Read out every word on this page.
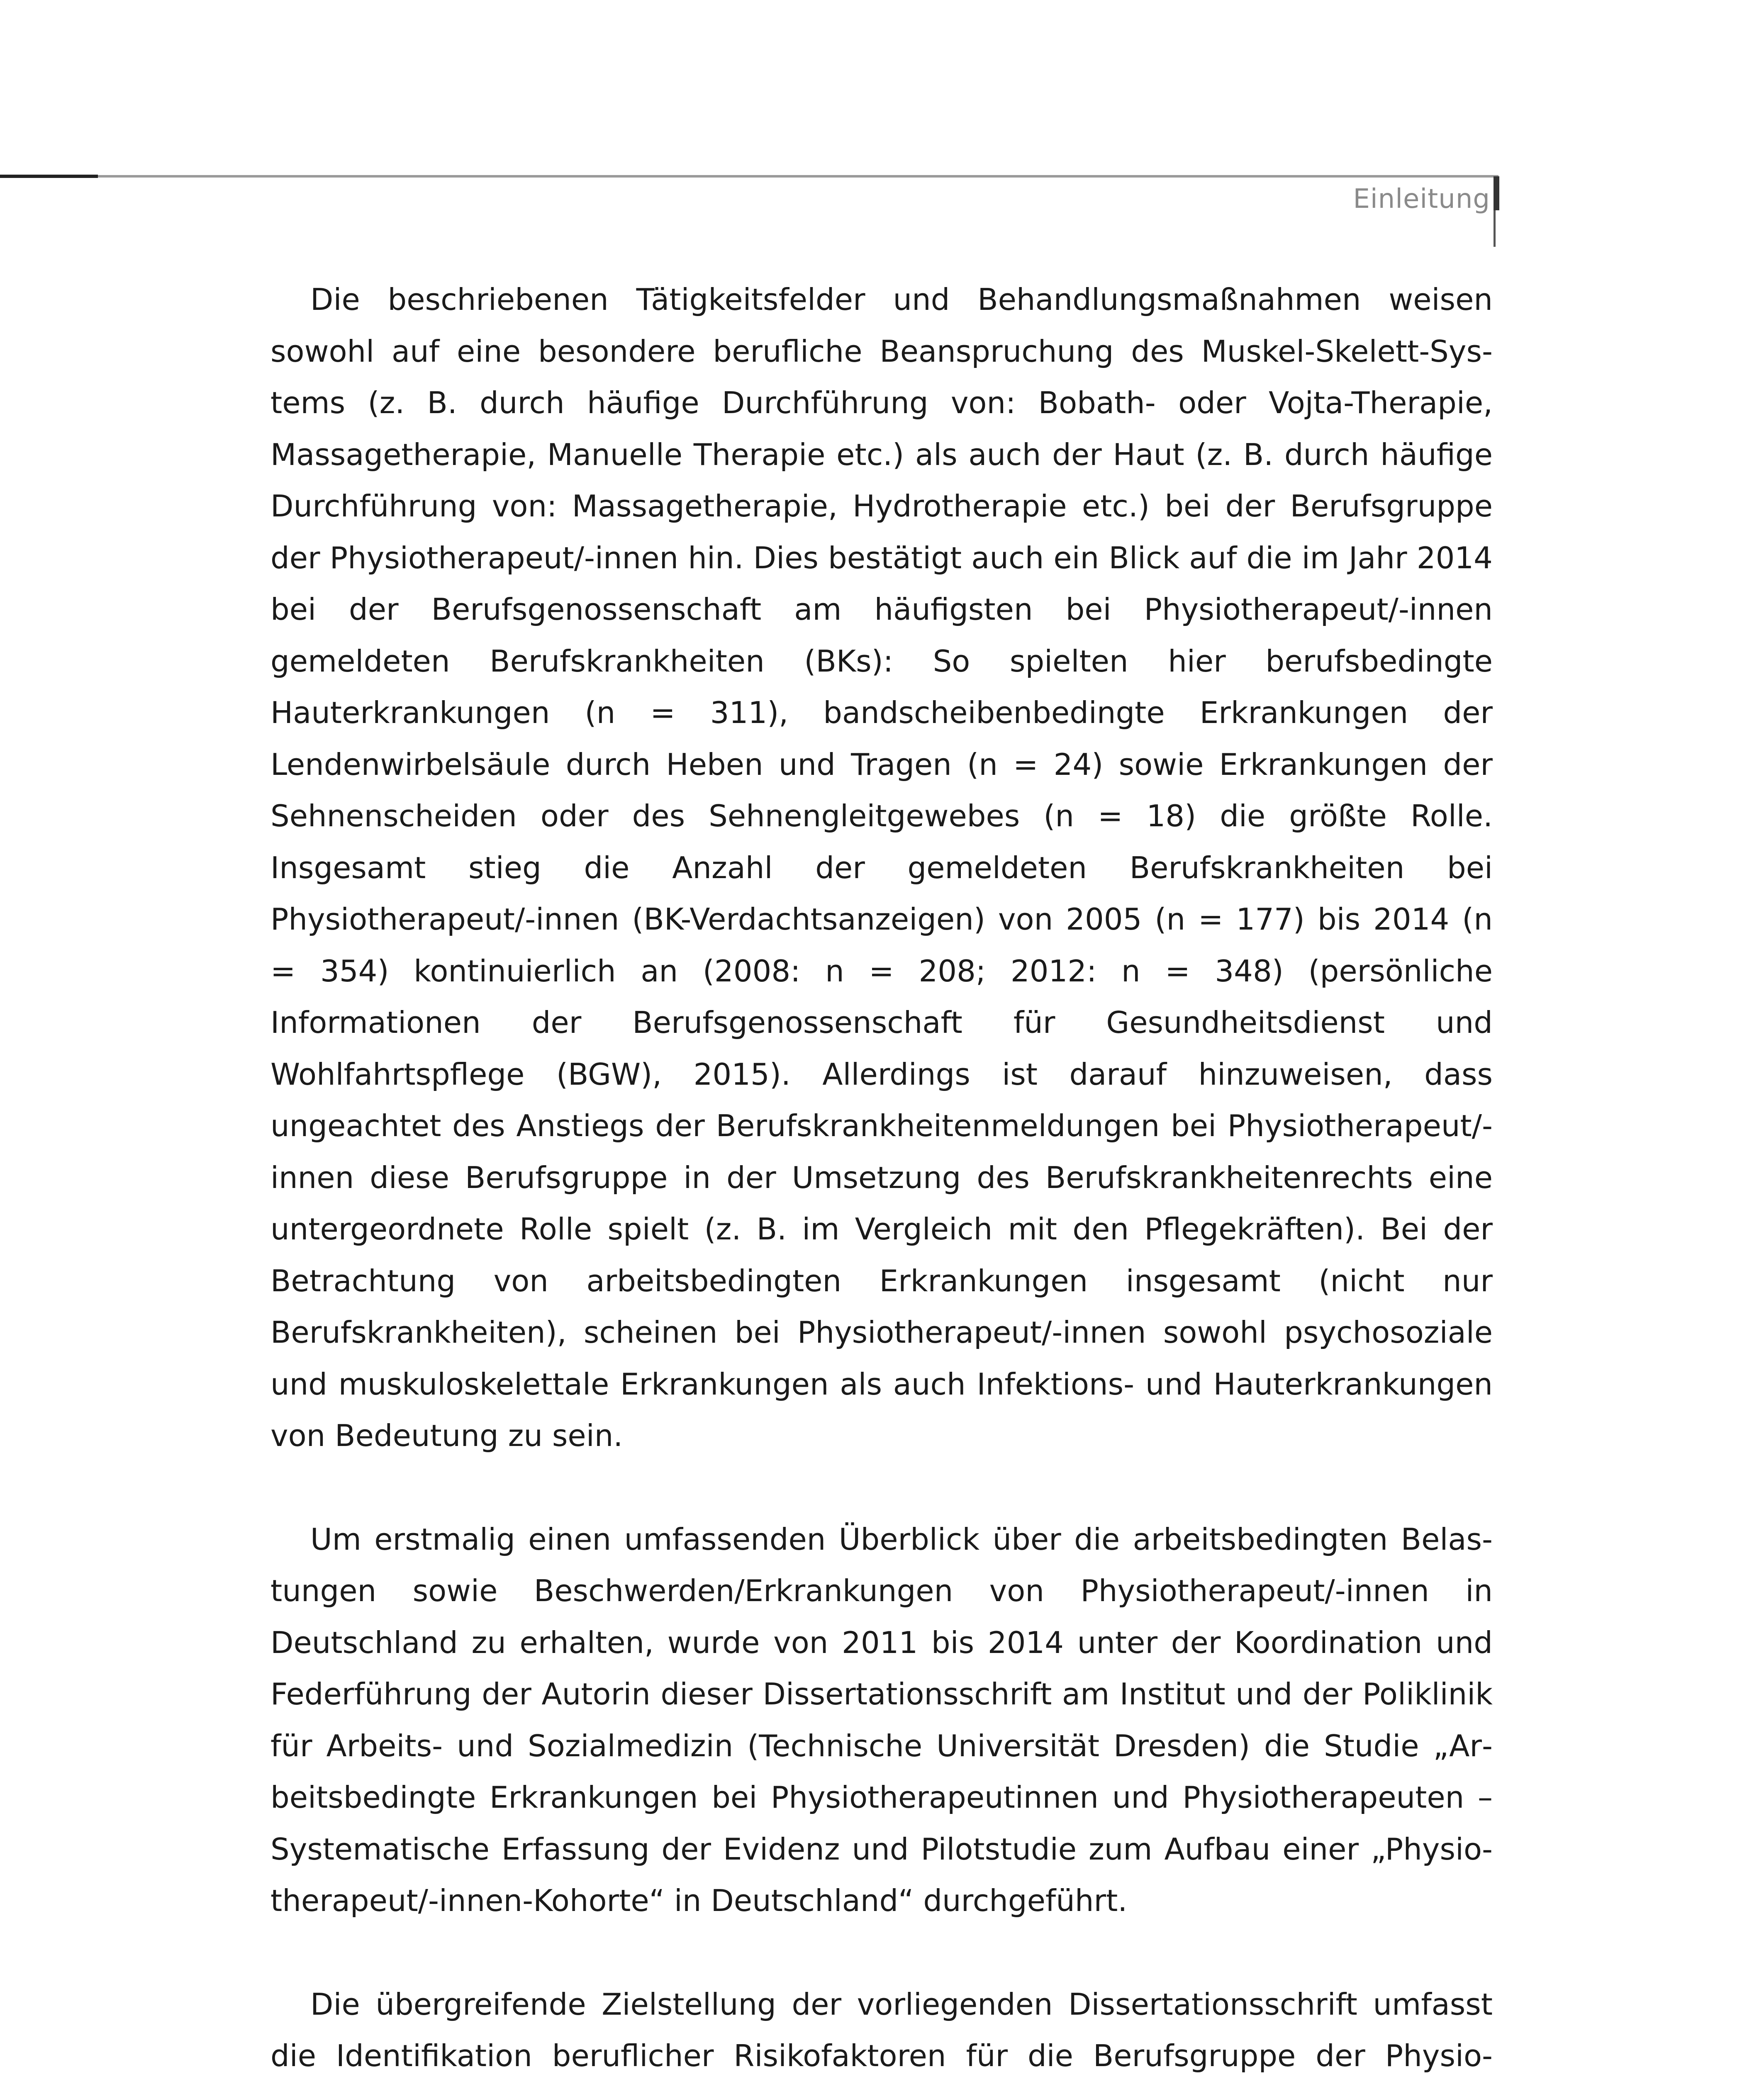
Einleitung

Die beschriebenen Tätigkeitsfelder und Behandlungsmaßnahmen weisen sowohl auf eine besondere berufliche Beanspruchung des Muskel-Skelett-Systems (z. B. durch häufige Durchführung von: Bobath- oder Vojta-Therapie, Massagetherapie, Manuelle Therapie etc.) als auch der Haut (z. B. durch häufige Durchführung von: Massagetherapie, Hydrotherapie etc.) bei der Berufsgruppe der Physiotherapeut/-innen hin. Dies bestätigt auch ein Blick auf die im Jahr 2014 bei der Berufsgenossenschaft am häufigsten bei Physiotherapeut/-innen gemeldeten Berufskrankheiten (BKs): So spielten hier berufsbedingte Hauterkrankungen (n = 311), bandscheibenbedingte Erkrankungen der Lendenwirbelsäule durch Heben und Tragen (n = 24) sowie Erkrankungen der Sehnenscheiden oder des Sehnengleitgewebes (n = 18) die größte Rolle. Insgesamt stieg die Anzahl der gemeldeten Berufskrankheiten bei Physiotherapeut/-innen (BK-Verdachtsanzeigen) von 2005 (n = 177) bis 2014 (n = 354) kontinuierlich an (2008: n = 208; 2012: n = 348) (persönliche Informationen der Berufsgenossenschaft für Gesundheitsdienst und Wohlfahrtspflege (BGW), 2015). Allerdings ist darauf hinzuweisen, dass ungeachtet des Anstiegs der Berufskrankheitenmeldungen bei Physiotherapeut/-innen diese Berufsgruppe in der Umsetzung des Berufskrankheitenrechts eine untergeordnete Rolle spielt (z. B. im Vergleich mit den Pflegekräften). Bei der Betrachtung von arbeitsbedingten Erkrankungen insgesamt (nicht nur Berufskrankheiten), scheinen bei Physiotherapeut/-innen sowohl psychosoziale und muskuloskelettale Erkrankungen als auch Infektions- und Hauterkrankungen von Bedeutung zu sein.

Um erstmalig einen umfassenden Überblick über die arbeitsbedingten Belastungen sowie Beschwerden/Erkrankungen von Physiotherapeut/-innen in Deutschland zu erhalten, wurde von 2011 bis 2014 unter der Koordination und Federführung der Autorin dieser Dissertationsschrift am Institut und der Poliklinik für Arbeits- und Sozialmedizin (Technische Universität Dresden) die Studie „Arbeitsbedingte Erkrankungen bei Physiotherapeutinnen und Physiotherapeuten – Systematische Erfassung der Evidenz und Pilotstudie zum Aufbau einer „Physiotherapeut/-innen-Kohorte“ in Deutschland“ durchgeführt.

Die übergreifende Zielstellung der vorliegenden Dissertationsschrift umfasst die Identifikation beruflicher Risikofaktoren für die Berufsgruppe der Physio
